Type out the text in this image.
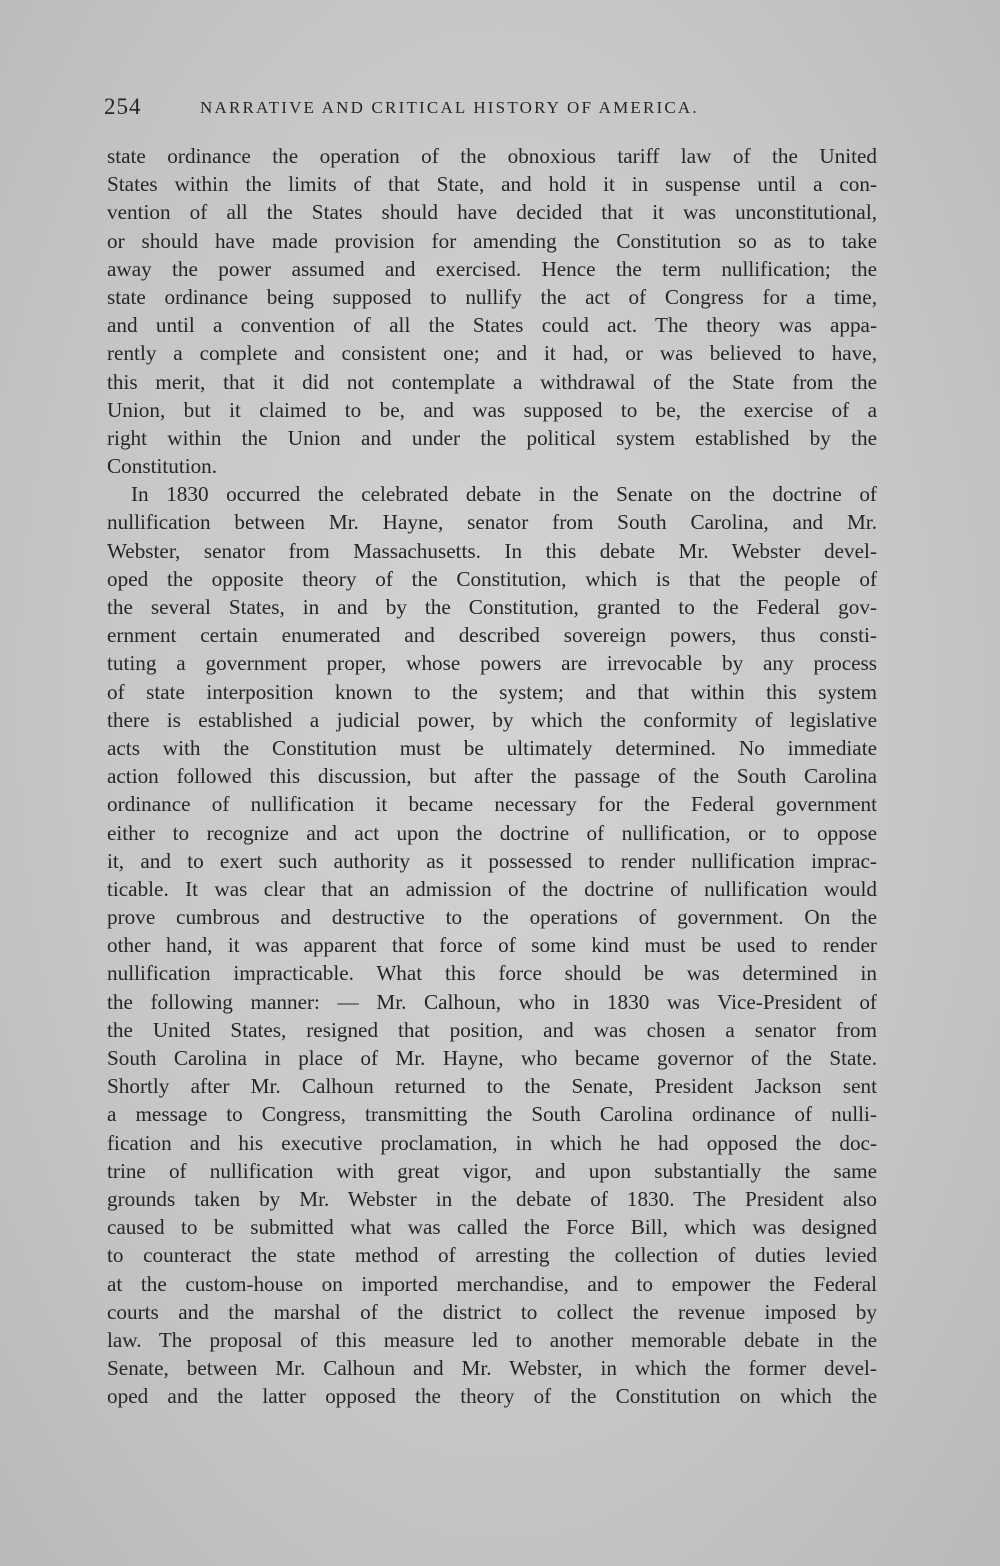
254	NARRATIVE AND CRITICAL HISTORY OF AMERICA.
state ordinance the operation of the obnoxious tariff law of the United
States within the limits of that State, and hold it in suspense until a con-
vention of all the States should have decided that it was unconstitutional,
or should have made provision for amending the Constitution so as to take
away the power assumed and exercised. Hence the term nullification; the
state ordinance being supposed to nullify the act of Congress for a time,
and until a convention of all the States could act. The theory was appa-
rently a complete and consistent one; and it had, or was believed to have,
this merit, that it did not contemplate a withdrawal of the State from the
Union, but it claimed to be, and was supposed to be, the exercise of a
right within the Union and under the political system established by the
Constitution.
In 1830 occurred the celebrated debate in the Senate on the doctrine of
nullification between Mr. Hayne, senator from South Carolina, and Mr.
Webster, senator from Massachusetts. In this debate Mr. Webster devel-
oped the opposite theory of the Constitution, which is that the people of
the several States, in and by the Constitution, granted to the Federal gov-
ernment certain enumerated and described sovereign powers, thus consti-
tuting a government proper, whose powers are irrevocable by any process
of state interposition known to the system; and that within this system
there is established a judicial power, by which the conformity of legislative
acts with the Constitution must be ultimately determined. No immediate
action followed this discussion, but after the passage of the South Carolina
ordinance of nullification it became necessary for the Federal government
either to recognize and act upon the doctrine of nullification, or to oppose
it, and to exert such authority as it possessed to render nullification imprac-
ticable. It was clear that an admission of the doctrine of nullification would
prove cumbrous and destructive to the operations of government. On the
other hand, it was apparent that force of some kind must be used to render
nullification impracticable. What this force should be was determined in
the following manner: — Mr. Calhoun, who in 1830 was Vice-President of
the United States, resigned that position, and was chosen a senator from
South Carolina in place of Mr. Hayne, who became governor of the State.
Shortly after Mr. Calhoun returned to the Senate, President Jackson sent
a message to Congress, transmitting the South Carolina ordinance of nulli-
fication and his executive proclamation, in which he had opposed the doc-
trine of nullification with great vigor, and upon substantially the same
grounds taken by Mr. Webster in the debate of 1830. The President also
caused to be submitted what was called the Force Bill, which was designed
to counteract the state method of arresting the collection of duties levied
at the custom-house on imported merchandise, and to empower the Federal
courts and the marshal of the district to collect the revenue imposed by
law. The proposal of this measure led to another memorable debate in the
Senate, between Mr. Calhoun and Mr. Webster, in which the former devel-
oped and the latter opposed the theory of the Constitution on which the
